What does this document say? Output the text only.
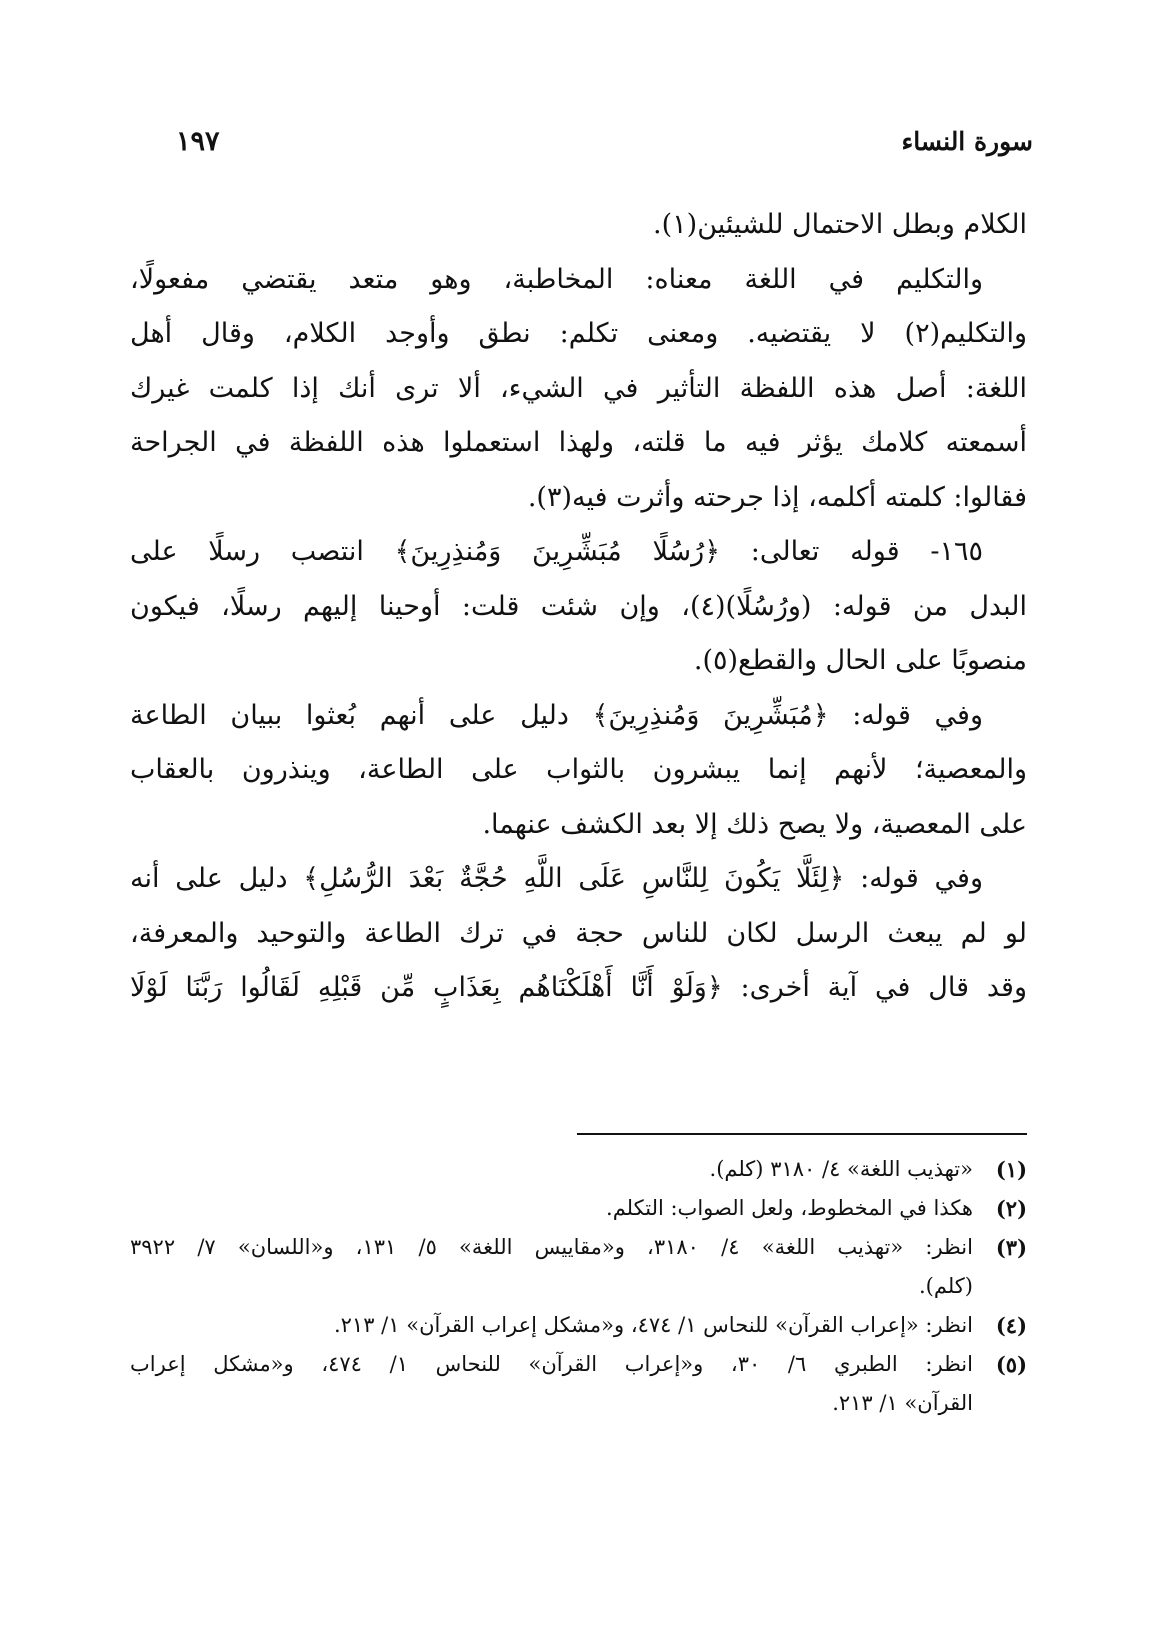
سورة النساء
١٩٧
الكلام وبطل الاحتمال للشيئين(١).
والتكليم في اللغة معناه: المخاطبة، وهو متعد يقتضي مفعولًا،
والتكليم(٢) لا يقتضيه. ومعنى تكلم: نطق وأوجد الكلام، وقال أهل
اللغة: أصل هذه اللفظة التأثير في الشيء، ألا ترى أنك إذا كلمت غيرك
أسمعته كلامك يؤثر فيه ما قلته، ولهذا استعملوا هذه اللفظة في الجراحة
فقالوا: كلمته أكلمه، إذا جرحته وأثرت فيه(٣).
١٦٥- قوله تعالى: ﴿رُسُلًا مُبَشِّرِينَ وَمُنذِرِينَ﴾ انتصب رسلًا على
البدل من قوله: (ورُسُلًا)(٤)، وإن شئت قلت: أوحينا إليهم رسلًا، فيكون
منصوبًا على الحال والقطع(٥).
وفي قوله: ﴿مُبَشِّرِينَ وَمُنذِرِينَ﴾ دليل على أنهم بُعثوا ببيان الطاعة
والمعصية؛ لأنهم إنما يبشرون بالثواب على الطاعة، وينذرون بالعقاب
على المعصية، ولا يصح ذلك إلا بعد الكشف عنهما.
وفي قوله: ﴿لِئَلَّا يَكُونَ لِلنَّاسِ عَلَى اللَّهِ حُجَّةٌ بَعْدَ الرُّسُلِ﴾ دليل على أنه
لو لم يبعث الرسل لكان للناس حجة في ترك الطاعة والتوحيد والمعرفة،
وقد قال في آية أخرى: ﴿وَلَوْ أَنَّا أَهْلَكْنَاهُم بِعَذَابٍ مِّن قَبْلِهِ لَقَالُوا رَبَّنَا لَوْلَا
(١)
«تهذيب اللغة» ٤/ ٣١٨٠ (كلم).
(٢)
هكذا في المخطوط، ولعل الصواب: التكلم.
(٣)
انظر: «تهذيب اللغة» ٤/ ٣١٨٠، و«مقاييس اللغة» ٥/ ١٣١، و«اللسان» ٧/ ٣٩٢٢
(كلم).
(٤)
انظر: «إعراب القرآن» للنحاس ١/ ٤٧٤، و«مشكل إعراب القرآن» ١/ ٢١٣.
(٥)
انظر: الطبري ٦/ ٣٠، و«إعراب القرآن» للنحاس ١/ ٤٧٤، و«مشكل إعراب
القرآن» ١/ ٢١٣.
